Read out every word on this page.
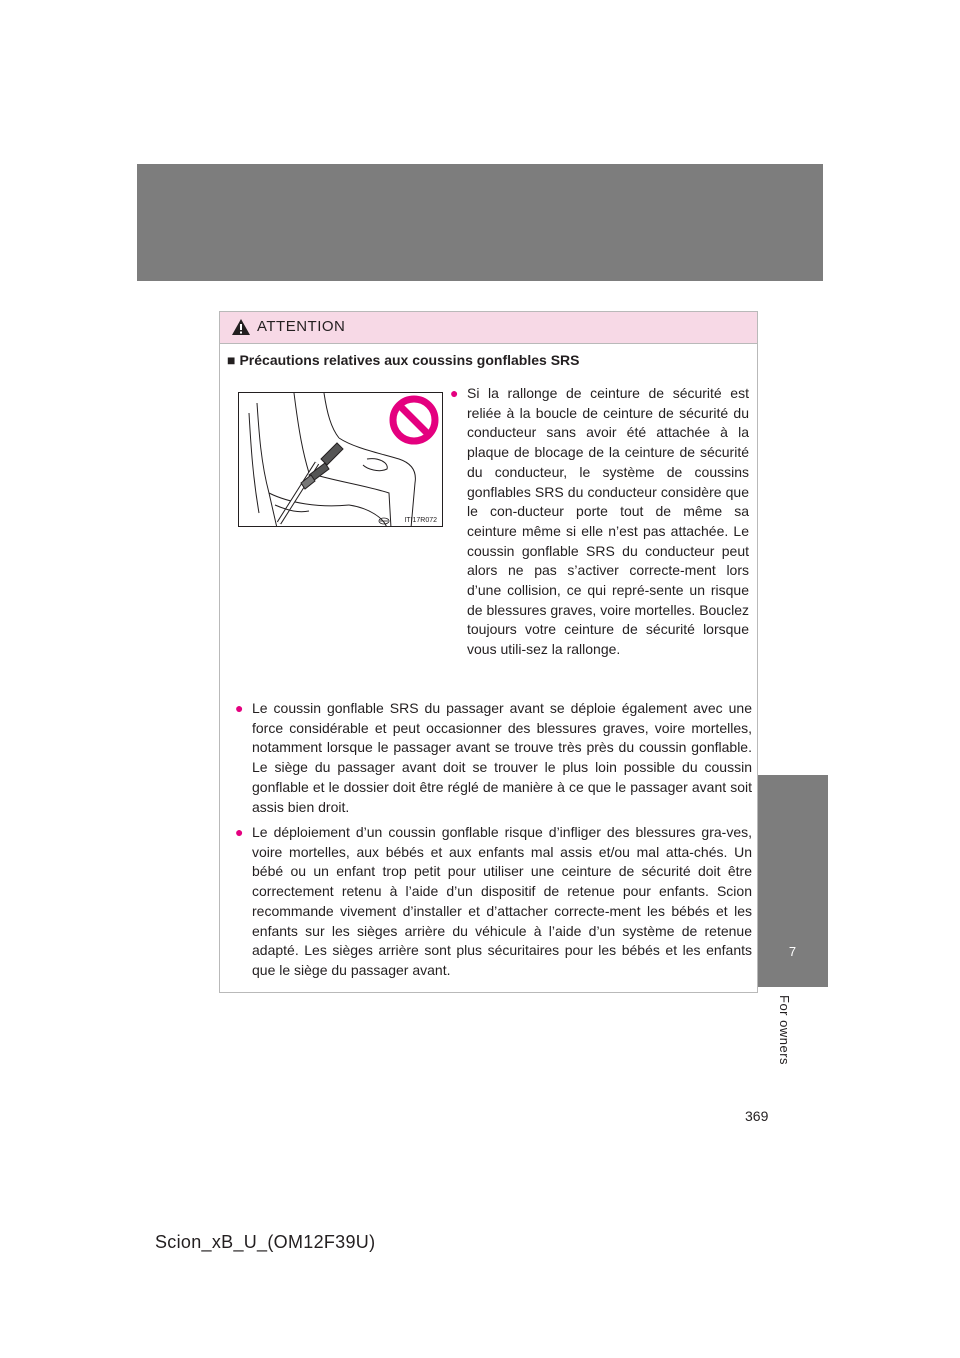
7
For owners
ATTENTION
■ Précautions relatives aux coussins gonflables SRS
ITI17R072
● Si la rallonge de ceinture de sécurité est reliée à la boucle de ceinture de sécurité du conducteur sans avoir été attachée à la plaque de blocage de la ceinture de sécurité du conducteur, le système de coussins gonflables SRS du conducteur considère que le con-ducteur porte tout de même sa ceinture même si elle n’est pas attachée. Le coussin gonflable SRS du conducteur peut alors ne pas s’activer correcte-ment lors d’une collision, ce qui repré-sente un risque de blessures graves, voire mortelles. Bouclez toujours votre ceinture de sécurité lorsque vous utili-sez la rallonge.
● Le coussin gonflable SRS du passager avant se déploie également avec une force considérable et peut occasionner des blessures graves, voire mortelles, notamment lorsque le passager avant se trouve très près du coussin gonflable. Le siège du passager avant doit se trouver le plus loin possible du coussin gonflable et le dossier doit être réglé de manière à ce que le passager avant soit assis bien droit.
● Le déploiement d’un coussin gonflable risque d’infliger des blessures gra-ves, voire mortelles, aux bébés et aux enfants mal assis et/ou mal atta-chés. Un bébé ou un enfant trop petit pour utiliser une ceinture de sécurité doit être correctement retenu à l’aide d’un dispositif de retenue pour enfants. Scion recommande vivement d’installer et d’attacher correcte-ment les bébés et les enfants sur les sièges arrière du véhicule à l’aide d’un système de retenue adapté. Les sièges arrière sont plus sécuritaires pour les bébés et les enfants que le siège du passager avant.
369
Scion_xB_U_(OM12F39U)
